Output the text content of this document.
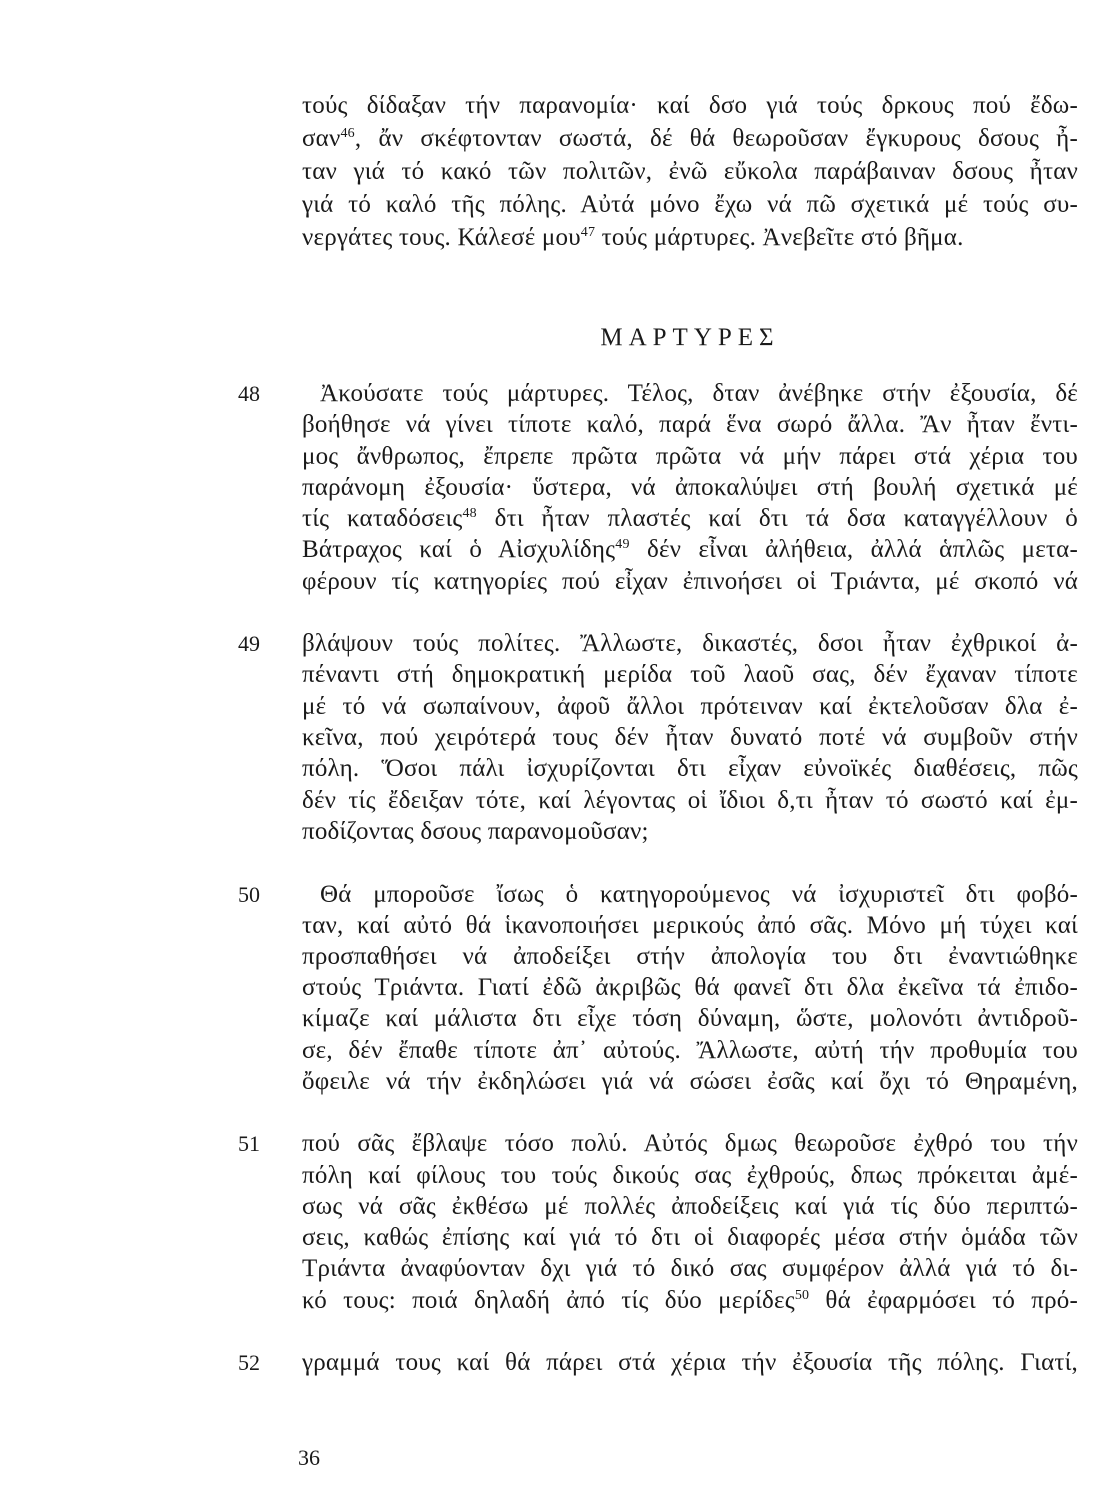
τούς δίδαξαν τήν παρανομία· καί δσο γιά τούς δρκους πού ἔδω-
σαν$^{46}$, ἄν σκέφτονταν σωστά, δέ θά θεωροῦσαν ἔγκυρους δσους ἦ-
ταν γιά τό κακό τῶν πολιτῶν, ἐνῶ εὔκολα παράβαιναν δσους ἦταν
γιά τό καλό τῆς πόλης. Αὐτά μόνο ἔχω νά πῶ σχετικά μέ τούς συ-
νεργάτες τους. Κάλεσέ μου$^{47}$ τούς μάρτυρες. Ἀνεβεῖτε στό βῆμα.
ΜΑΡΤΥΡΕΣ
48
49
50
51
52
Ἀκούσατε τούς μάρτυρες. Τέλος, δταν ἀνέβηκε στήν ἐξουσία, δέ
βοήθησε νά γίνει τίποτε καλό, παρά ἕνα σωρό ἄλλα. Ἄν ἦταν ἔντι-
μος ἄνθρωπος, ἔπρεπε πρῶτα πρῶτα νά μήν πάρει στά χέρια του
παράνομη ἐξουσία· ὕστερα, νά ἀποκαλύψει στή βουλή σχετικά μέ
τίς καταδόσεις$^{48}$ δτι ἦταν πλαστές καί δτι τά δσα καταγγέλλουν ὁ
Βάτραχος καί ὁ Αἰσχυλίδης$^{49}$ δέν εἶναι ἀλήθεια, ἀλλά ἁπλῶς μετα-
φέρουν τίς κατηγορίες πού εἶχαν ἐπινοήσει οἱ Τριάντα, μέ σκοπό νά
βλάψουν τούς πολίτες. Ἄλλωστε, δικαστές, δσοι ἦταν ἐχθρικοί ἀ-
πέναντι στή δημοκρατική μερίδα τοῦ λαοῦ σας, δέν ἔχαναν τίποτε
μέ τό νά σωπαίνουν, ἀφοῦ ἄλλοι πρότειναν καί ἐκτελοῦσαν δλα ἐ-
κεῖνα, πού χειρότερά τους δέν ἦταν δυνατό ποτέ νά συμβοῦν στήν
πόλη. Ὅσοι πάλι ἰσχυρίζονται δτι εἶχαν εὐνοϊκές διαθέσεις, πῶς
δέν τίς ἔδειξαν τότε, καί λέγοντας οἱ ἴδιοι δ,τι ἦταν τό σωστό καί ἐμ-
ποδίζοντας δσους παρανομοῦσαν;
Θά μποροῦσε ἴσως ὁ κατηγορούμενος νά ἰσχυριστεῖ δτι φοβό-
ταν, καί αὐτό θά ἱκανοποιήσει μερικούς ἀπό σᾶς. Μόνο μή τύχει καί
προσπαθήσει νά ἀποδείξει στήν ἀπολογία του δτι ἐναντιώθηκε
στούς Τριάντα. Γιατί ἐδῶ ἀκριβῶς θά φανεῖ δτι δλα ἐκεῖνα τά ἐπιδο-
κίμαζε καί μάλιστα δτι εἶχε τόση δύναμη, ὥστε, μολονότι ἀντιδροῦ-
σε, δέν ἔπαθε τίποτε ἀπ᾽ αὐτούς. Ἄλλωστε, αὐτή τήν προθυμία του
ὄφειλε νά τήν ἐκδηλώσει γιά νά σώσει ἐσᾶς καί ὄχι τό Θηραμένη,
πού σᾶς ἔβλαψε τόσο πολύ. Αὐτός δμως θεωροῦσε ἐχθρό του τήν
πόλη καί φίλους του τούς δικούς σας ἐχθρούς, δπως πρόκειται ἀμέ-
σως νά σᾶς ἐκθέσω μέ πολλές ἀποδείξεις καί γιά τίς δύο περιπτώ-
σεις, καθώς ἐπίσης καί γιά τό δτι οἱ διαφορές μέσα στήν ὁμάδα τῶν
Τριάντα ἀναφύονταν δχι γιά τό δικό σας συμφέρον ἀλλά γιά τό δι-
κό τους: ποιά δηλαδή ἀπό τίς δύο μερίδες$^{50}$ θά ἐφαρμόσει τό πρό-
γραμμά τους καί θά πάρει στά χέρια τήν ἐξουσία τῆς πόλης. Γιατί,
36
